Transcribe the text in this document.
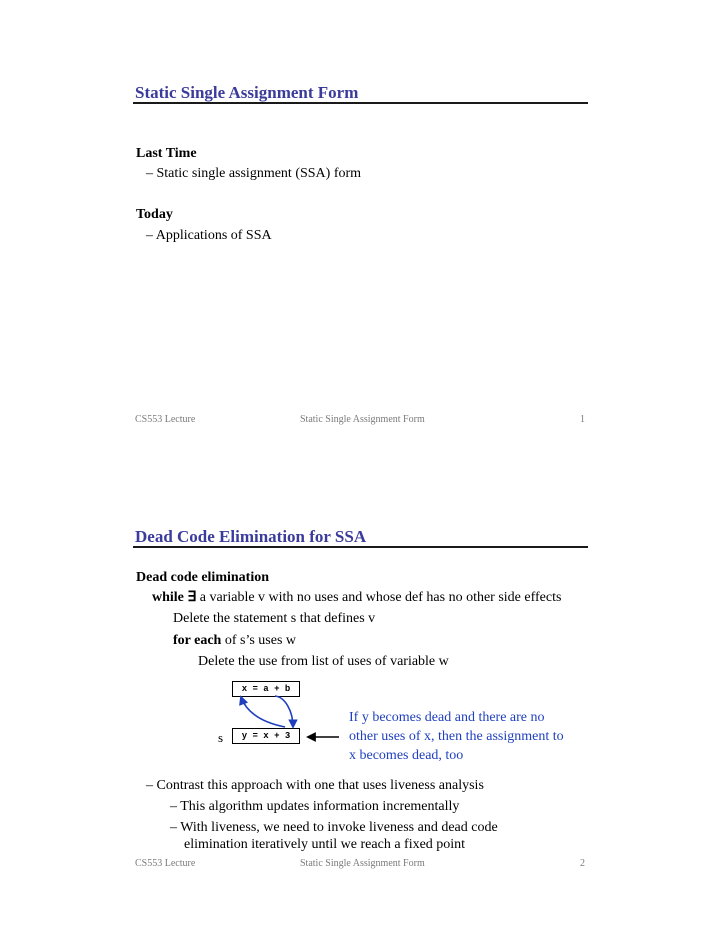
Static Single Assignment Form
Last Time
– Static single assignment (SSA) form
Today
– Applications of SSA
CS553 Lecture	Static Single Assignment Form	1
Dead Code Elimination for SSA
Dead code elimination
while ∃ a variable v with no uses and whose def has no other side effects
Delete the statement s that defines v
for each of s’s uses w
Delete the use from list of uses of variable w
x = a + b
y = x + 3
s
If y becomes dead and there are no
other uses of x, then the assignment to
x becomes dead, too
– Contrast this approach with one that uses liveness analysis
– This algorithm updates information incrementally
– With liveness, we need to invoke liveness and dead code
elimination iteratively until we reach a fixed point
CS553 Lecture	Static Single Assignment Form	2
